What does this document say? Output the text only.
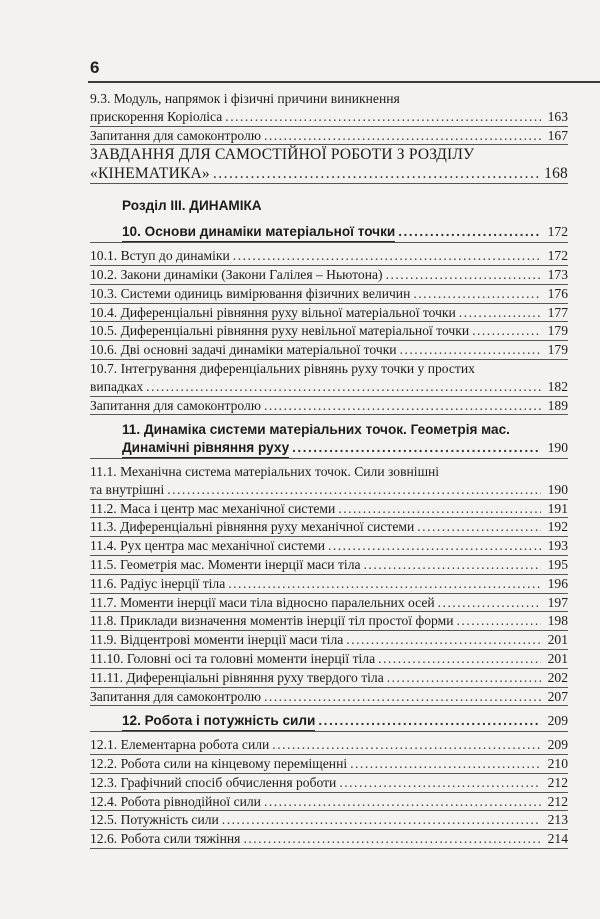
6
9.3. Модуль, напрямок і фізичні причини виникнення
прискорення Коріоліса .....	163
Запитання для самоконтролю .....	167
ЗАВДАННЯ ДЛЯ САМОСТІЙНОЇ РОБОТИ З РОЗДІЛУ
«КІНЕМАТИКА» .....	168
Розділ III. ДИНАМІКА
10. Основи динаміки матеріальної точки .....	172
10.1. Вступ до динаміки .....	172
10.2. Закони динаміки (Закони Галілея – Ньютона) .....	173
10.3. Системи одиниць вимірювання фізичних величин .....	176
10.4. Диференціальні рівняння руху вільної матеріальної точки .....	177
10.5. Диференціальні рівняння руху невільної матеріальної точки .....	179
10.6. Дві основні задачі динаміки матеріальної точки .....	179
10.7. Інтегрування диференціальних рівнянь руху точки у простих
випадках .....	182
Запитання для самоконтролю .....	189
11. Динаміка системи матеріальних точок. Геометрія мас.
Динамічні рівняння руху .....	190
11.1. Механічна система матеріальних точок. Сили зовнішні
та внутрішні .....	190
11.2. Маса і центр мас механічної системи .....	191
11.3. Диференціальні рівняння руху механічної системи .....	192
11.4. Рух центра мас механічної системи .....	193
11.5. Геометрія мас. Моменти інерції маси тіла .....	195
11.6. Радіус інерції тіла .....	196
11.7. Моменти інерції маси тіла відносно паралельних осей .....	197
11.8. Приклади визначення моментів інерції тіл простої форми .....	198
11.9. Відцентрові моменти інерції маси тіла .....	201
11.10. Головні осі та головні моменти інерції тіла .....	201
11.11. Диференціальні рівняння руху твердого тіла .....	202
Запитання для самоконтролю .....	207
12. Робота і потужність сили .....	209
12.1. Елементарна робота сили .....	209
12.2. Робота сили на кінцевому переміщенні .....	210
12.3. Графічний спосіб обчислення роботи .....	212
12.4. Робота рівнодійної сили .....	212
12.5. Потужність сили .....	213
12.6. Робота сили тяжіння .....	214
